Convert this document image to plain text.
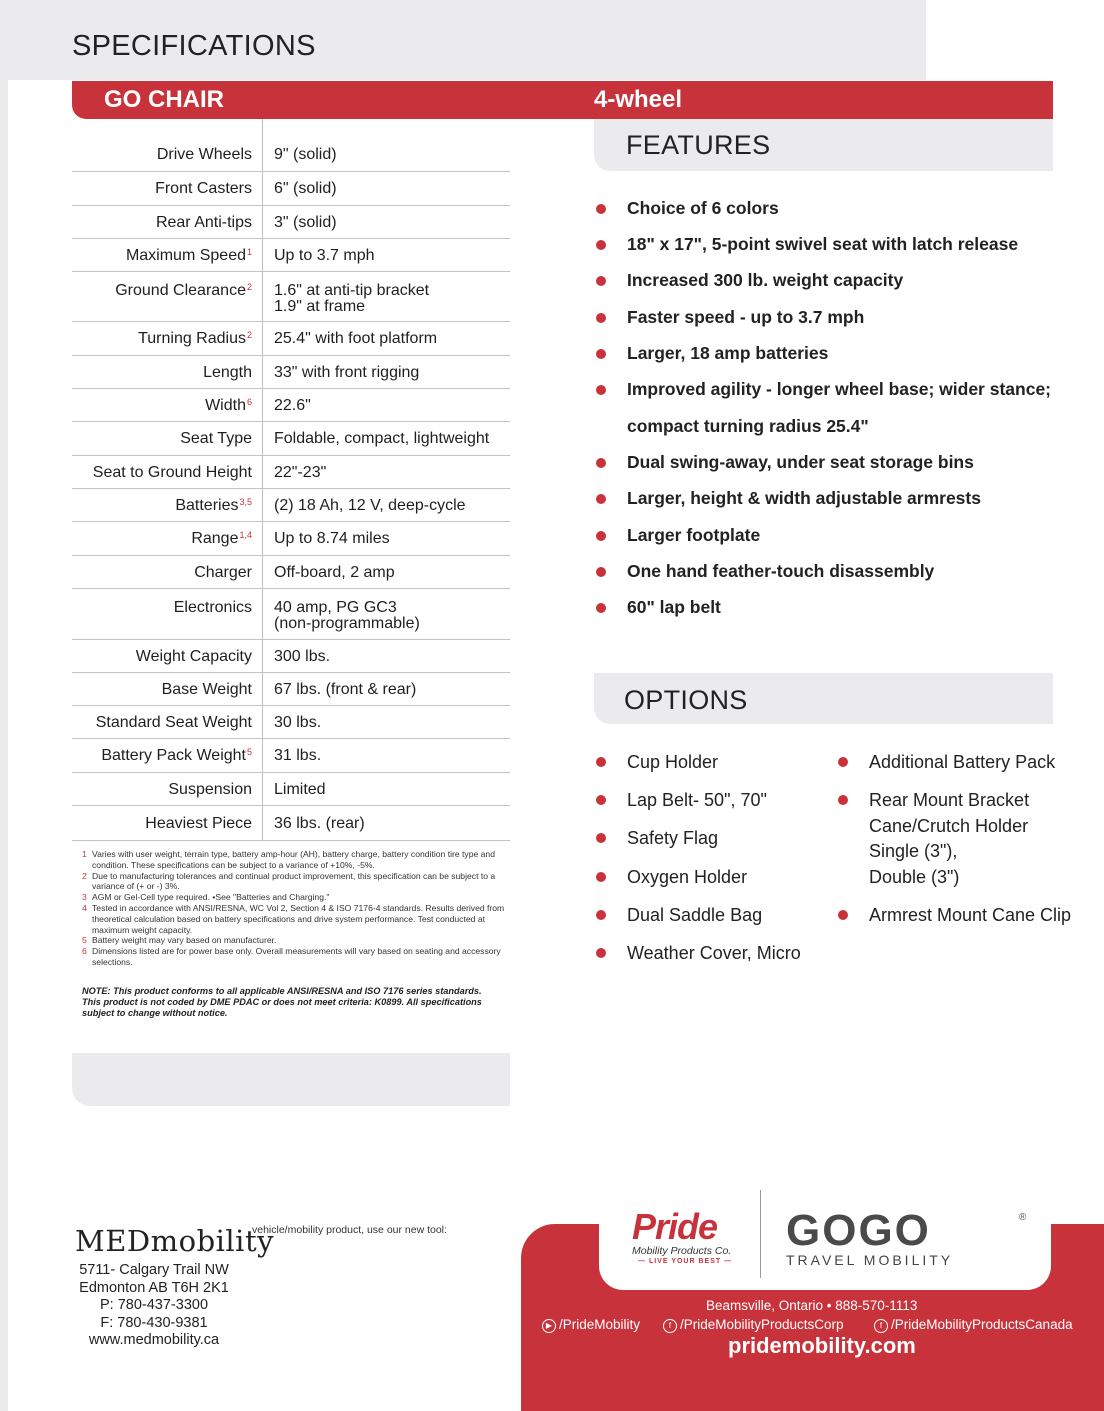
SPECIFICATIONS
GO CHAIR	4-wheel
Drive Wheels 9" (solid)
Front Casters 6" (solid)
Rear Anti-tips 3" (solid)
Maximum Speed$^1$ Up to 3.7 mph
Ground Clearance$^2$ 1.6" at anti-tip bracket
1.9" at frame
Turning Radius$^2$ 25.4" with foot platform
Length 33" with front rigging
Width$^6$ 22.6"
Seat Type Foldable, compact, lightweight
Seat to Ground Height 22"-23"
Batteries$^{3,5}$ (2) 18 Ah, 12 V, deep-cycle
Range$^{1,4}$ Up to 8.74 miles
Charger Off-board, 2 amp
Electronics 40 amp, PG GC3
(non-programmable)
Weight Capacity 300 lbs.
Base Weight 67 lbs. (front & rear)
Standard Seat Weight 30 lbs.
Battery Pack Weight$^5$ 31 lbs.
Suspension Limited
Heaviest Piece 36 lbs. (rear)
1 Varies with user weight, terrain type, battery amp-hour (AH), battery charge, battery condition tire type and condition. These specifications can be subject to a variance of +10%, -5%.
2 Due to manufacturing tolerances and continual product improvement, this specification can be subject to a variance of (+ or -) 3%.
3 AGM or Gel-Cell type required. •See "Batteries and Charging."
4 Tested in accordance with ANSI/RESNA, WC Vol 2, Section 4 & ISO 7176-4 standards. Results derived from theoretical calculation based on battery specifications and drive system performance. Test conducted at maximum weight capacity.
5 Battery weight may vary based on manufacturer.
6 Dimensions listed are for power base only. Overall measurements will vary based on seating and accessory selections.
NOTE: This product conforms to all applicable ANSI/RESNA and ISO 7176 series standards. This product is not coded by DME PDAC or does not meet criteria: K0899. All specifications subject to change without notice.
FEATURES
Choice of 6 colors
18" x 17", 5-point swivel seat with latch release
Increased 300 lb. weight capacity
Faster speed - up to 3.7 mph
Larger, 18 amp batteries
Improved agility - longer wheel base; wider stance;
compact turning radius 25.4"
Dual swing-away, under seat storage bins
Larger, height & width adjustable armrests
Larger footplate
One hand feather-touch disassembly
60" lap belt
OPTIONS
Cup Holder
Lap Belt- 50", 70"
Safety Flag
Oxygen Holder
Dual Saddle Bag
Weather Cover, Micro
Additional Battery Pack
Rear Mount Bracket
Cane/Crutch Holder
Single (3"),
Double (3")
Armrest Mount Cane Clip
MEDmobility
vehicle/mobility product, use our new tool:
5711- Calgary Trail NW
Edmonton AB T6H 2K1
P: 780-437-3300
F: 780-430-9381
www.medmobility.ca
Pride
Mobility Products Co.
— LIVE YOUR BEST —
GOGO
TRAVEL MOBILITY
®
Beamsville, Ontario • 888-570-1113
▶ /PrideMobility	f /PrideMobilityProductsCorp	f /PrideMobilityProductsCanada
pridemobility.com
